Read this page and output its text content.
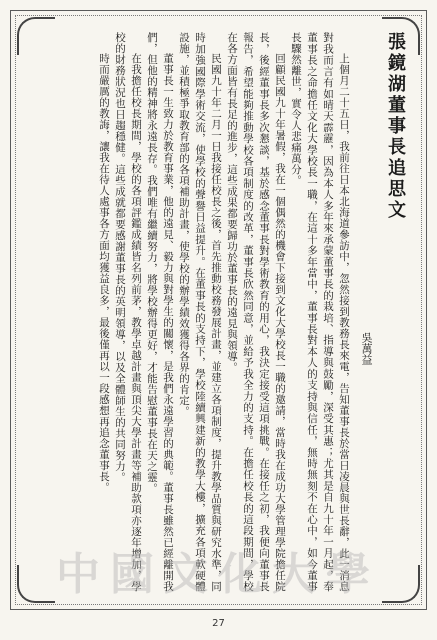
張鏡湖董事長追思文
吳萬益

上個月二十五日，我前往日本北海道參訪中，忽然接到教務長來電，告知董事長於當日凌晨與世長辭，此一消息對我而言有如晴天霹靂，因為本人多年來承蒙董事長的栽培、指導與鼓勵，深受其惠；尤其是自九十年一月起，奉董事長之命擔任文化大學校長一職，在這十多年當中，董事長對本人的支持與信任，無時無刻不在心中，如今董事長驟然離世，實令人悲痛萬分。

回顧民國九十年暑假，我在一個偶然的機會下接到文化大學校長一職的邀請，當時我在成功大學管理學院擔任院長，後經董事長多次懇談，基於感念董事長對學術教育的用心，我決定接受這項挑戰。在接任之初，我便向董事長報告，希望能夠推動學校各項制度的改革，董事長欣然同意，並給予我全力的支持。在擔任校長的這段期間，學校在各方面皆有長足的進步，這些成果都要歸功於董事長的遠見與領導。

民國九十年二月一日我接任校長之後，首先推動校務發展計畫，並建立各項制度，提升教學品質與研究水準，同時加強國際學術交流，使學校的聲譽日益提升。在董事長的支持下，學校陸續興建新的教學大樓，擴充各項軟硬體設施，並積極爭取教育部的各項補助計畫，使學校的辦學績效獲得各界的肯定。

董事長一生致力於教育事業，他的遠見、毅力與對學生的關懷，是我們永遠學習的典範。董事長雖然已經離開我們，但他的精神將永遠長存。我們唯有繼續努力，將學校辦得更好，才能告慰董事長在天之靈。

在我擔任校長期間，學校的各項評鑑成績皆名列前茅，教學卓越計畫與頂尖大學計畫等補助款項亦逐年增加，學校的財務狀況也日趨穩健。這些成就都要感謝董事長的英明領導，以及全體師生的共同努力。

時而嚴厲的教誨，讓我在待人處事各方面均獲益良多，最後僅再以一段感想再追念董事長。

中國文化大學
27
